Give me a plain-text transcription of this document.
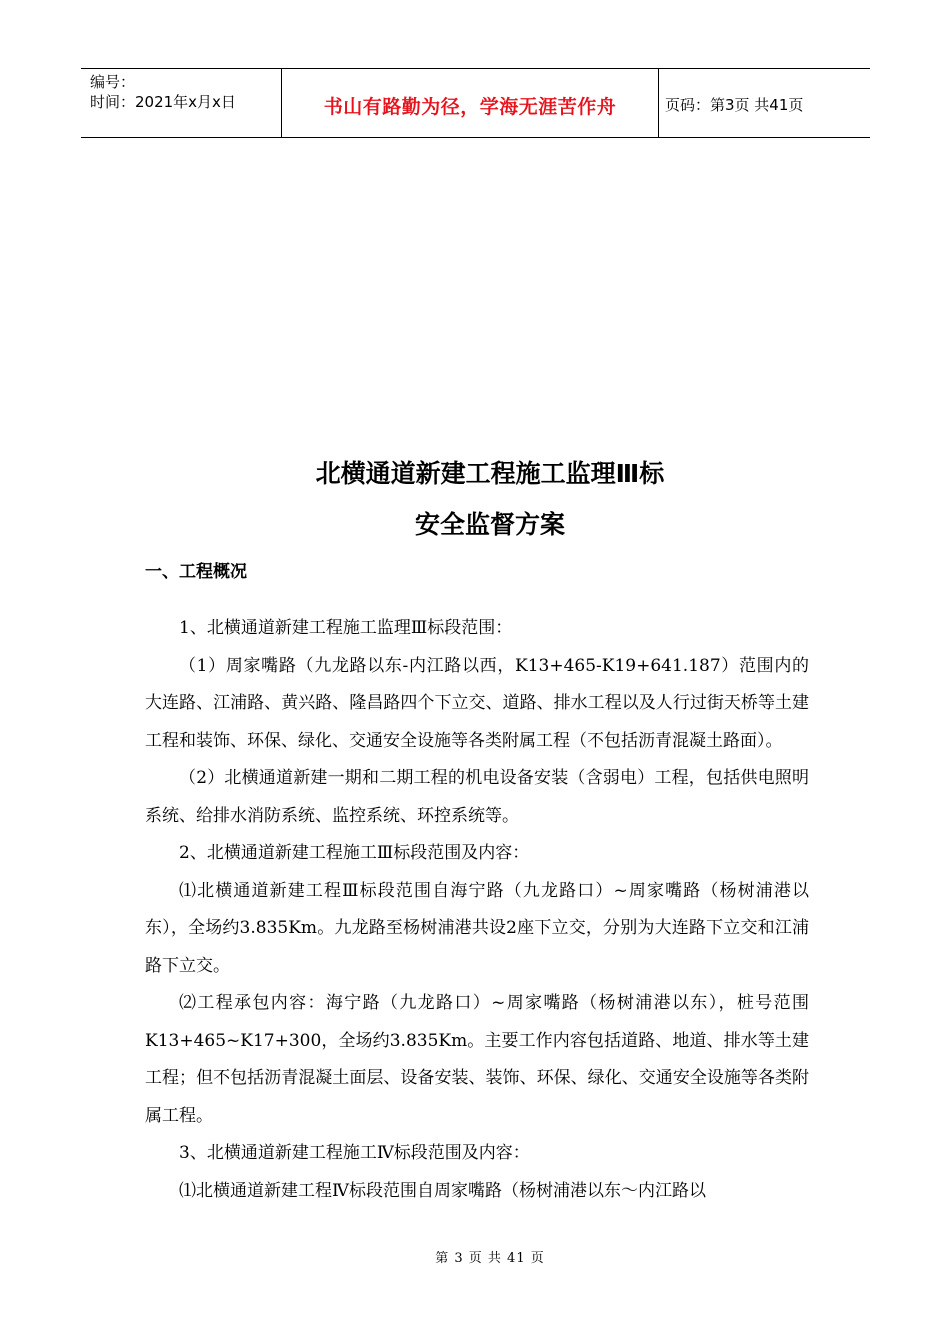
编号：
时间：2021年x月x日	书山有路勤为径，学海无涯苦作舟	页码：第3页 共41页
北横通道新建工程施工监理Ⅲ标
安全监督方案
一、工程概况

1、北横通道新建工程施工监理Ⅲ标段范围：

（1）周家嘴路（九龙路以东-内江路以西，K13+465-K19+641.187）范围内的大连路、江浦路、黄兴路、隆昌路四个下立交、道路、排水工程以及人行过街天桥等土建工程和装饰、环保、绿化、交通安全设施等各类附属工程（不包括沥青混凝土路面）。

（2）北横通道新建一期和二期工程的机电设备安装（含弱电）工程，包括供电照明系统、给排水消防系统、监控系统、环控系统等。

2、北横通道新建工程施工Ⅲ标段范围及内容：

⑴北横通道新建工程Ⅲ标段范围自海宁路（九龙路口）~周家嘴路（杨树浦港以东），全场约3.835Km。九龙路至杨树浦港共设2座下立交，分别为大连路下立交和江浦路下立交。

⑵工程承包内容：海宁路（九龙路口）~周家嘴路（杨树浦港以东），桩号范围K13+465~K17+300，全场约3.835Km。主要工作内容包括道路、地道、排水等土建工程；但不包括沥青混凝土面层、设备安装、装饰、环保、绿化、交通安全设施等各类附属工程。

3、北横通道新建工程施工Ⅳ标段范围及内容：

⑴北横通道新建工程Ⅳ标段范围自周家嘴路（杨树浦港以东～内江路以

第 3 页 共 41 页
